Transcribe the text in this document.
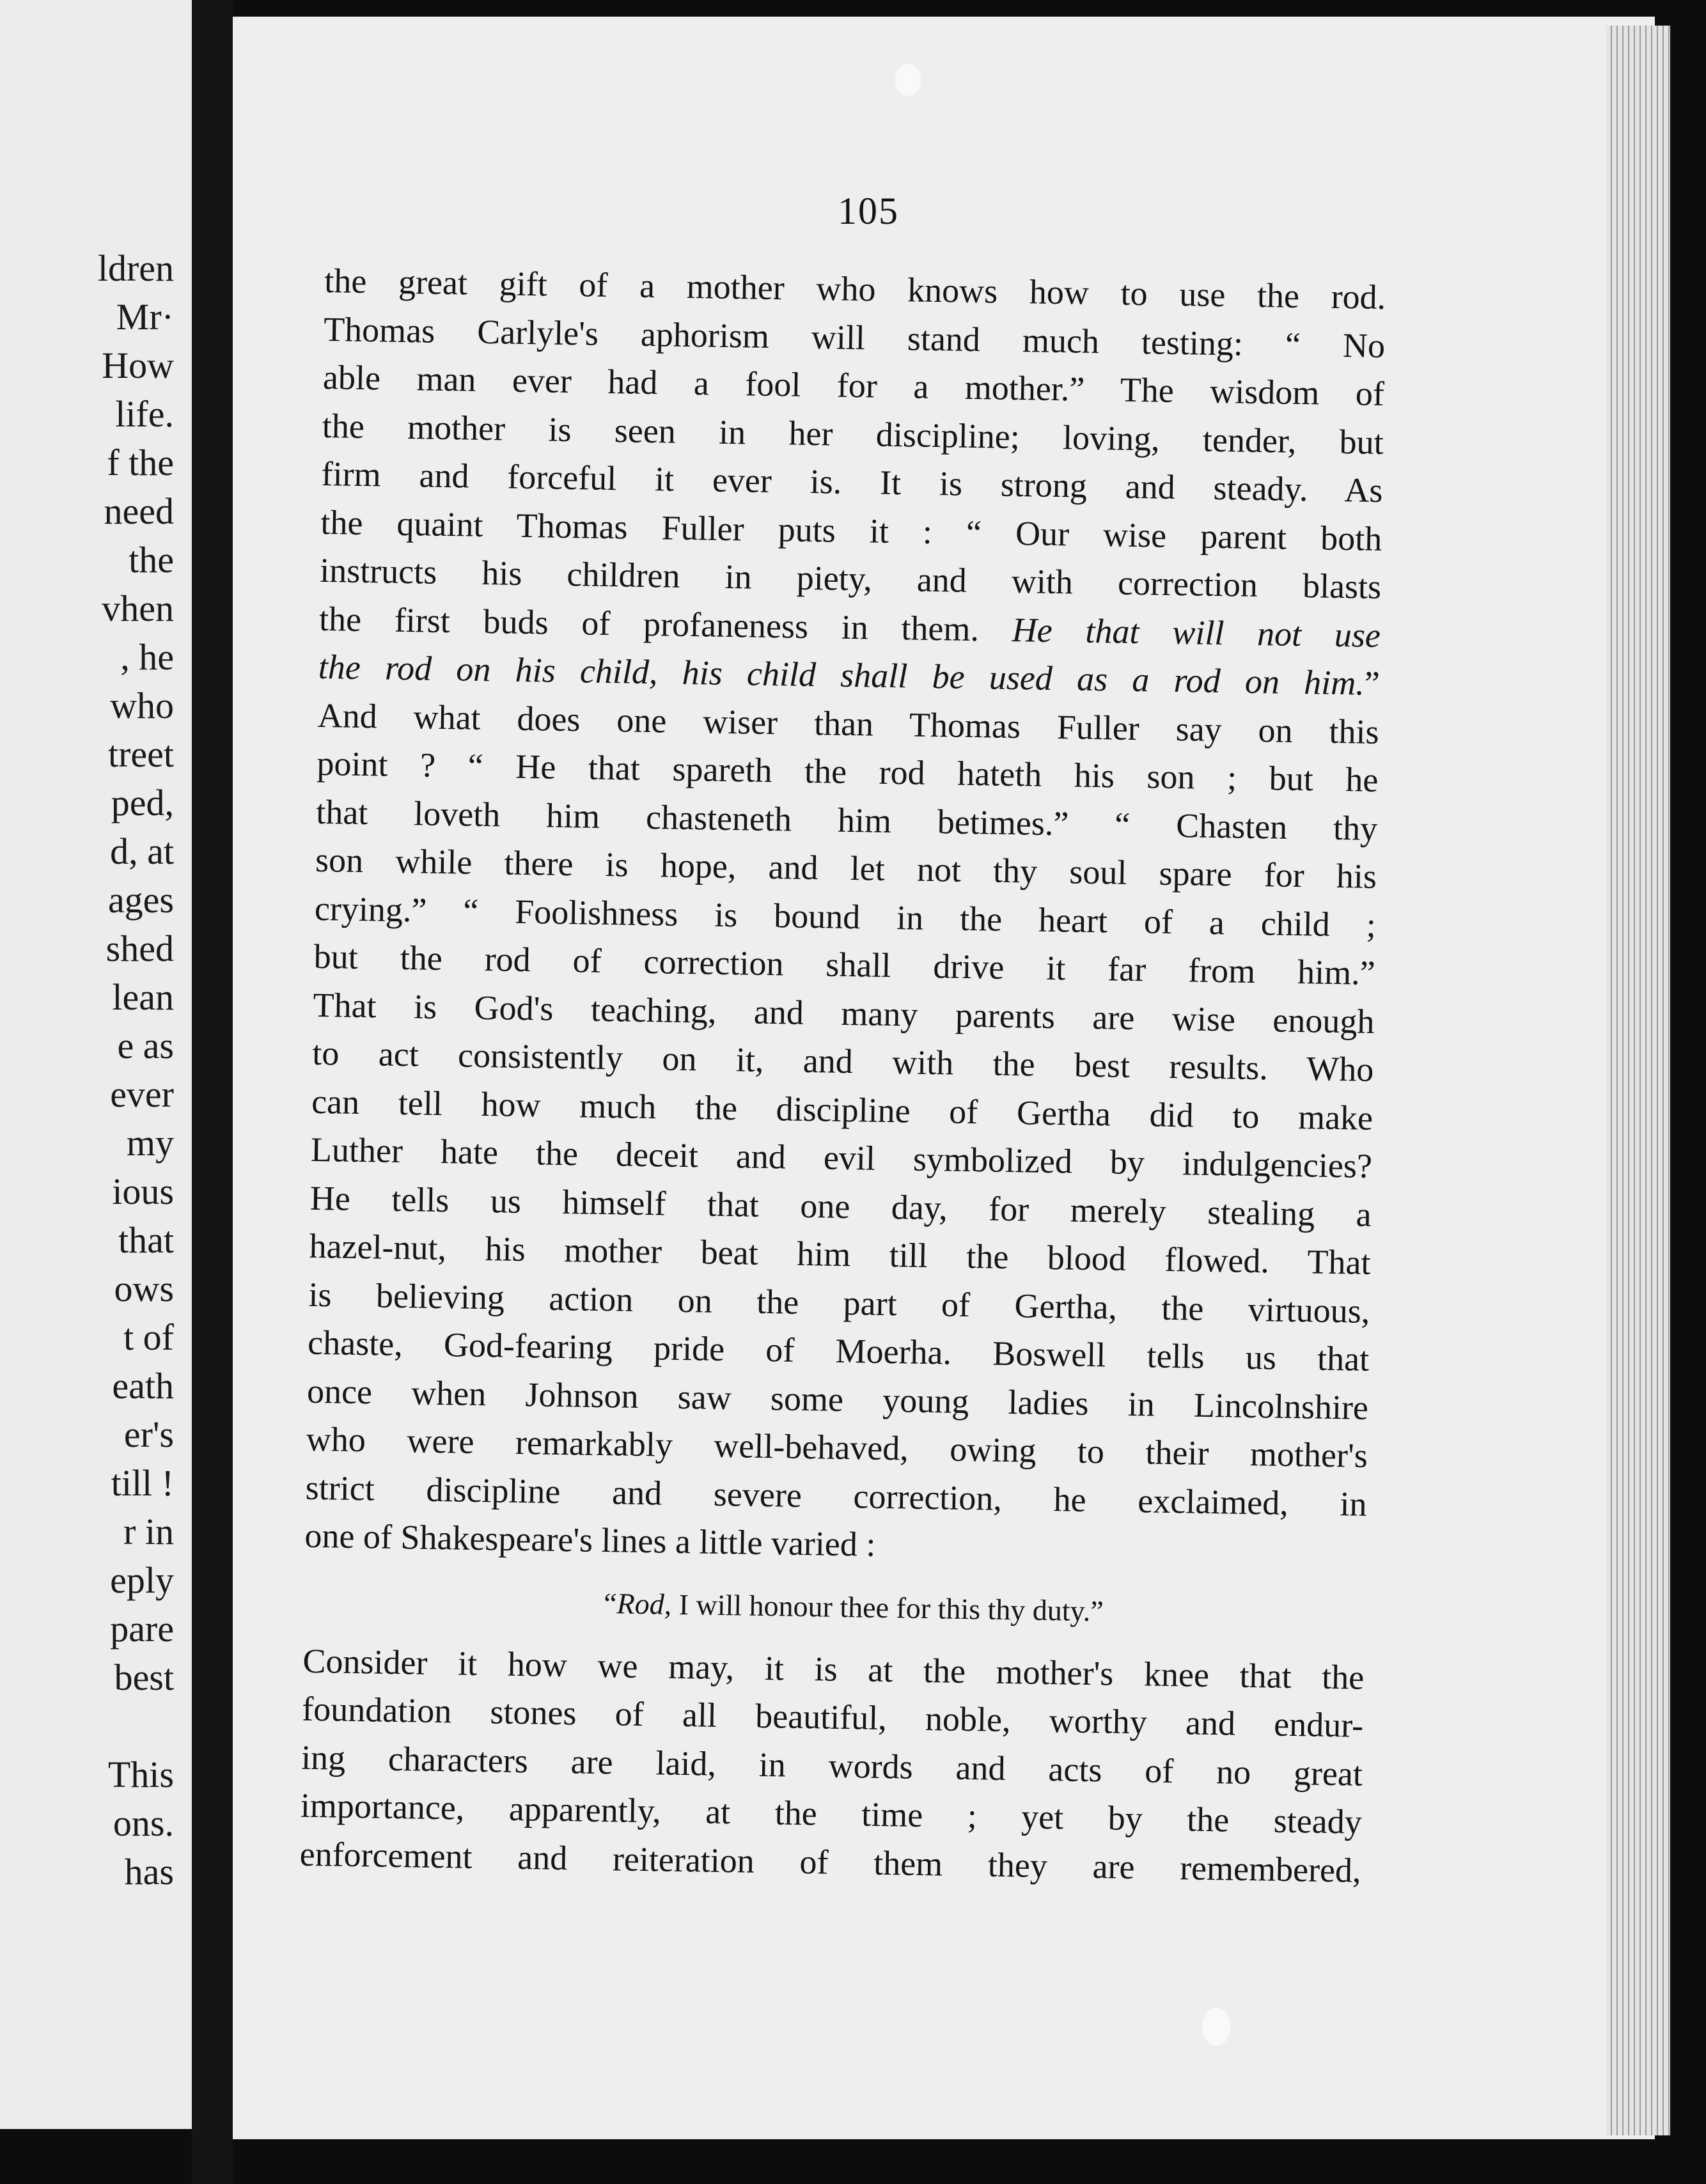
ldren
Mr·
How
life.
f the
need
the
vhen
, he
who
treet
ped,
d, at
ages
shed
lean
e as
ever
my
ious
that
ows
t of
eath
er's
till !
r in
eply
pare
best
This
ons.
has
105
the great gift of a mother who knows how to use the rod.
Thomas Carlyle's aphorism will stand much testing: “ No
able man ever had a fool for a mother.” The wisdom of
the mother is seen in her discipline; loving, tender, but
firm and forceful it ever is. It is strong and steady. As
the quaint Thomas Fuller puts it : “ Our wise parent both
instructs his children in piety, and with correction blasts
the first buds of profaneness in them. He that will not use
the rod on his child, his child shall be used as a rod on him.”
And what does one wiser than Thomas Fuller say on this
point ? “ He that spareth the rod hateth his son ; but he
that loveth him chasteneth him betimes.” “ Chasten thy
son while there is hope, and let not thy soul spare for his
crying.” “ Foolishness is bound in the heart of a child ;
but the rod of correction shall drive it far from him.”
That is God's teaching, and many parents are wise enough
to act consistently on it, and with the best results. Who
can tell how much the discipline of Gertha did to make
Luther hate the deceit and evil symbolized by indulgencies?
He tells us himself that one day, for merely stealing a
hazel-nut, his mother beat him till the blood flowed. That
is believing action on the part of Gertha, the virtuous,
chaste, God-fearing pride of Moerha. Boswell tells us that
once when Johnson saw some young ladies in Lincolnshire
who were remarkably well-behaved, owing to their mother's
strict discipline and severe correction, he exclaimed, in
one of Shakespeare's lines a little varied :
“Rod, I will honour thee for this thy duty.”
Consider it how we may, it is at the mother's knee that the
foundation stones of all beautiful, noble, worthy and endur-
ing characters are laid, in words and acts of no great
importance, apparently, at the time ; yet by the steady
enforcement and reiteration of them they are remembered,
